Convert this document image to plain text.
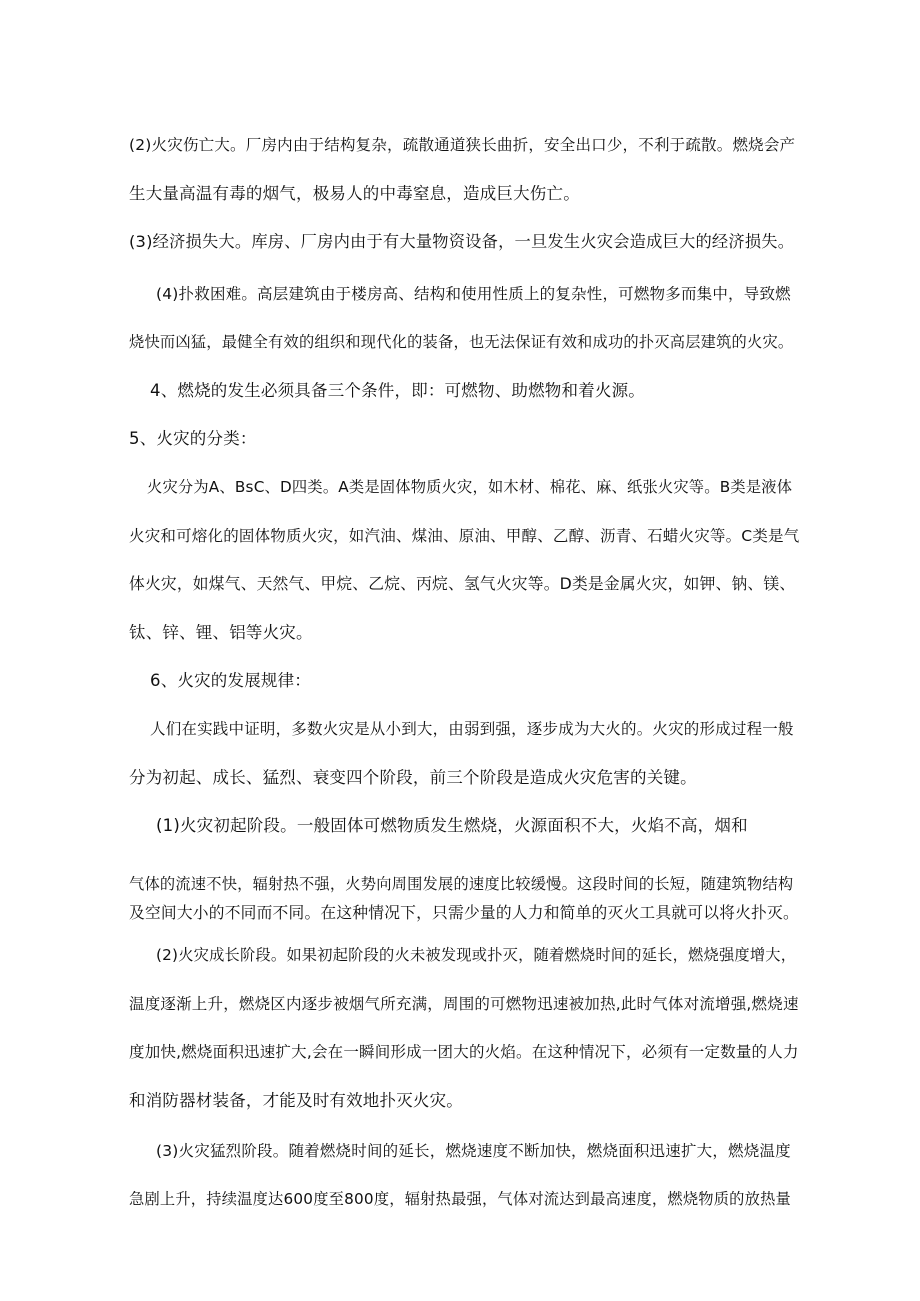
(2)火灾伤亡大。厂房内由于结构复杂，疏散通道狭长曲折，安全出口少，不利于疏散。燃烧会产
生大量高温有毒的烟气，极易人的中毒窒息，造成巨大伤亡。
(3)经济损失大。库房、厂房内由于有大量物资设备，一旦发生火灾会造成巨大的经济损失。
(4)扑救困难。高层建筑由于楼房高、结构和使用性质上的复杂性，可燃物多而集中，导致燃
烧快而凶猛，最健全有效的组织和现代化的装备，也无法保证有效和成功的扑灭高层建筑的火灾。
4、燃烧的发生必须具备三个条件，即：可燃物、助燃物和着火源。
5、火灾的分类：
火灾分为A、BsC、D四类。A类是固体物质火灾，如木材、棉花、麻、纸张火灾等。B类是液体
火灾和可熔化的固体物质火灾，如汽油、煤油、原油、甲醇、乙醇、沥青、石蜡火灾等。C类是气
体火灾，如煤气、天然气、甲烷、乙烷、丙烷、氢气火灾等。D类是金属火灾，如钾、钠、镁、
钛、锌、锂、铝等火灾。
6、火灾的发展规律：
人们在实践中证明，多数火灾是从小到大，由弱到强，逐步成为大火的。火灾的形成过程一般
分为初起、成长、猛烈、衰变四个阶段，前三个阶段是造成火灾危害的关键。
(1)火灾初起阶段。一般固体可燃物质发生燃烧，火源面积不大，火焰不高，烟和
气体的流速不快，辐射热不强，火势向周围发展的速度比较缓慢。这段时间的长短，随建筑物结构
及空间大小的不同而不同。在这种情况下，只需少量的人力和简单的灭火工具就可以将火扑灭。
(2)火灾成长阶段。如果初起阶段的火未被发现或扑灭，随着燃烧时间的延长，燃烧强度增大，
温度逐渐上升，燃烧区内逐步被烟气所充满，周围的可燃物迅速被加热,此时气体对流增强,燃烧速
度加快,燃烧面积迅速扩大,会在一瞬间形成一团大的火焰。在这种情况下，必须有一定数量的人力
和消防器材装备，才能及时有效地扑灭火灾。
(3)火灾猛烈阶段。随着燃烧时间的延长，燃烧速度不断加快，燃烧面积迅速扩大，燃烧温度
急剧上升，持续温度达600度至800度，辐射热最强，气体对流达到最高速度，燃烧物质的放热量
